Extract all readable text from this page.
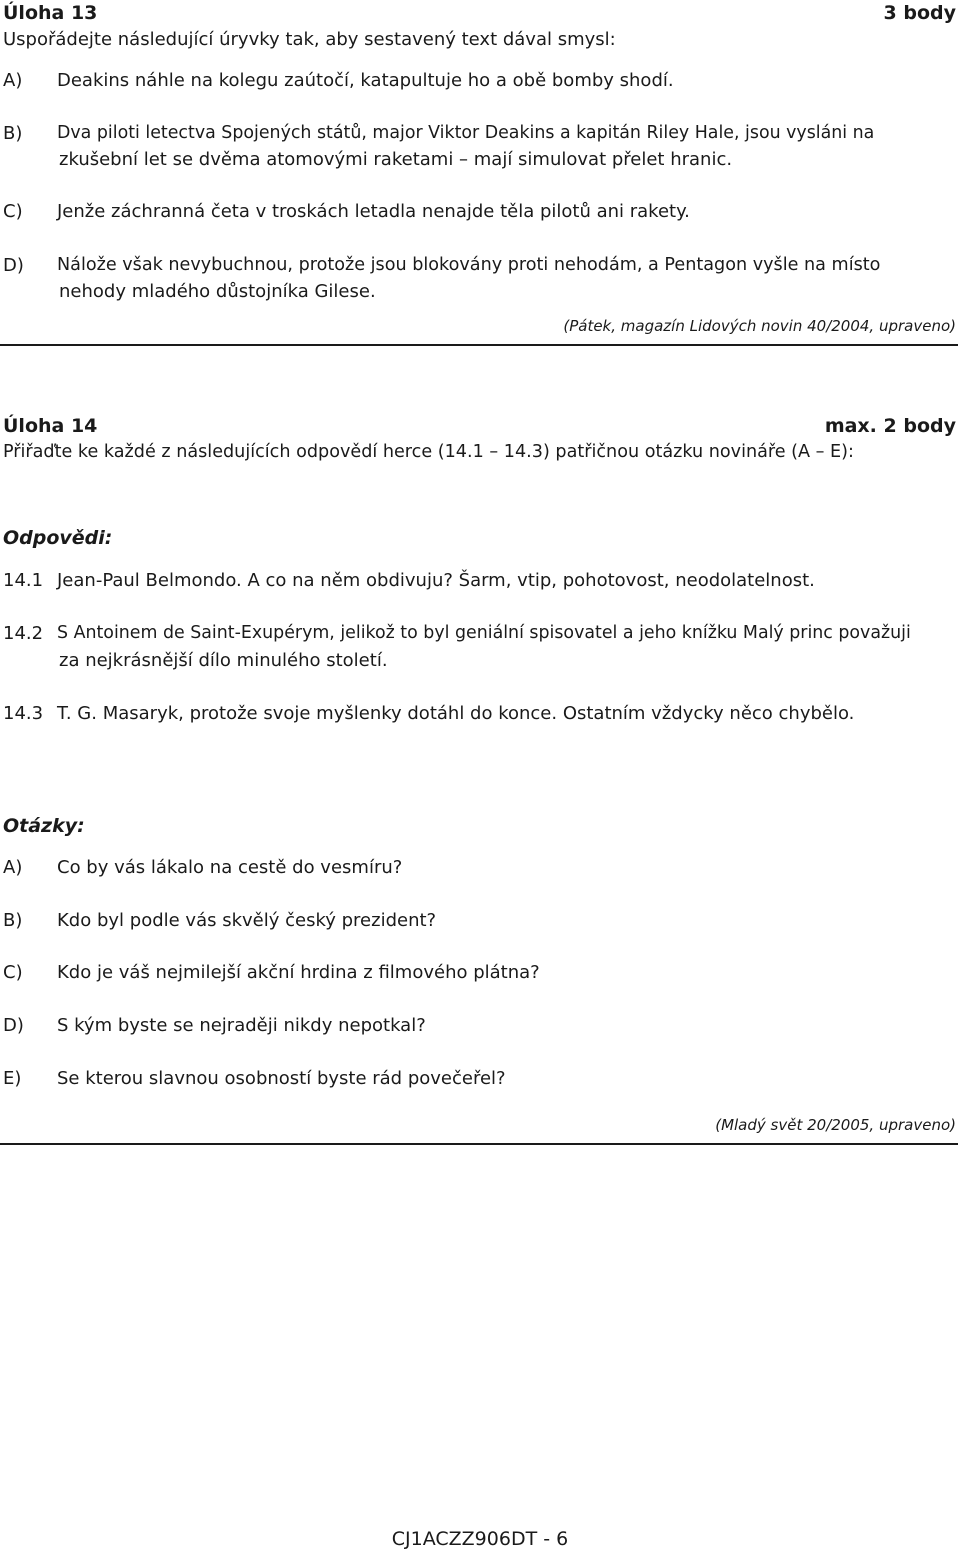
Úloha 13	3 body
Uspořádejte následující úryvky tak, aby sestavený text dával smysl:
A) Deakins náhle na kolegu zaútočí, katapultuje ho a obě bomby shodí.
B) Dva piloti letectva Spojených států, major Viktor Deakins a kapitán Riley Hale, jsou vysláni na
zkušební let se dvěma atomovými raketami – mají simulovat přelet hranic.
C) Jenže záchranná četa v troskách letadla nenajde těla pilotů ani rakety.
D) Nálože však nevybuchnou, protože jsou blokovány proti nehodám, a Pentagon vyšle na místo
nehody mladého důstojníka Gilese.
(Pátek, magazín Lidových novin 40/2004, upraveno)
Úloha 14	max. 2 body
Přiřaďte ke každé z následujících odpovědí herce (14.1 – 14.3) patřičnou otázku novináře (A – E):
Odpovědi:
14.1 Jean-Paul Belmondo. A co na něm obdivuju? Šarm, vtip, pohotovost, neodolatelnost.
14.2 S Antoinem de Saint-Exupérym, jelikož to byl geniální spisovatel a jeho knížku Malý princ považuji
za nejkrásnější dílo minulého století.
14.3 T. G. Masaryk, protože svoje myšlenky dotáhl do konce. Ostatním vždycky něco chybělo.
Otázky:
A) Co by vás lákalo na cestě do vesmíru?
B) Kdo byl podle vás skvělý český prezident?
C) Kdo je váš nejmilejší akční hrdina z filmového plátna?
D) S kým byste se nejraději nikdy nepotkal?
E) Se kterou slavnou osobností byste rád povečeřel?
(Mladý svět 20/2005, upraveno)
CJ1ACZZ906DT - 6
